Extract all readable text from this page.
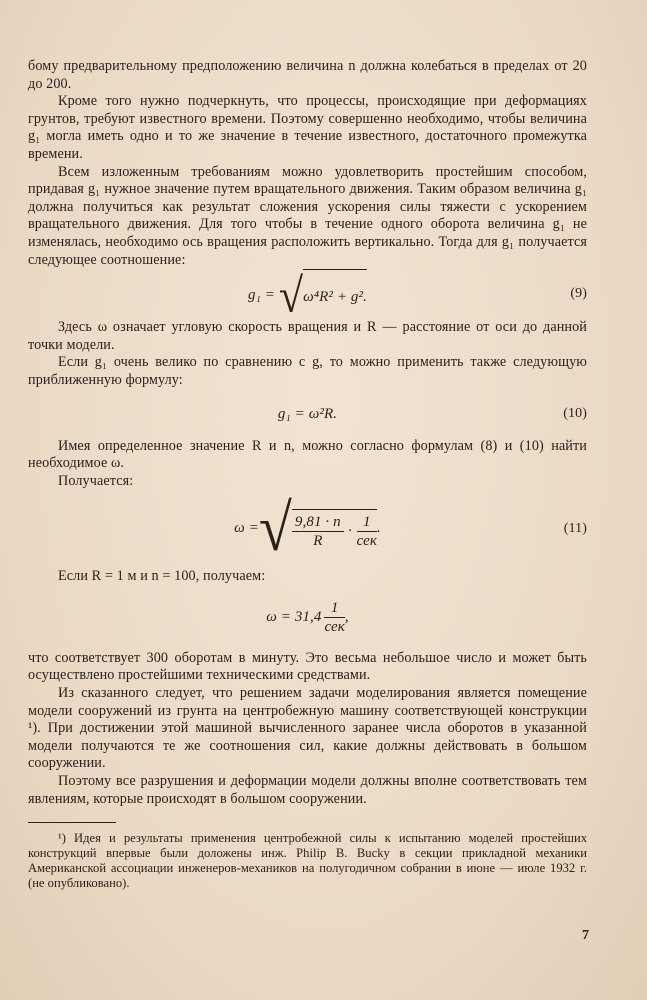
бому предварительному предположению величина n должна колебаться в пределах от 20 до 200.

Кроме того нужно подчеркнуть, что процессы, происходящие при деформациях грунтов, требуют известного времени. Поэтому совершенно необходимо, чтобы величина g₁ могла иметь одно и то же значение в течение известного, достаточного промежутка времени.

Всем изложенным требованиям можно удовлетворить простейшим способом, придавая g₁ нужное значение путем вращательного движения. Таким образом величина g₁ должна получиться как результат сложения ускорения силы тяжести с ускорением вращательного движения. Для того чтобы в течение одного оборота величина g₁ не изменялась, необходимо ось вращения расположить вертикально. Тогда для g₁ получается следующее соотношение:

g₁ = √ω⁴R² + g².	(9)

Здесь ω означает угловую скорость вращения и R — расстояние от оси до данной точки модели.

Если g₁ очень велико по сравнению с g, то можно применить также следующую приближенную формулу:

g₁ = ω²R.	(10)

Имея определенное значение R и n, можно согласно формулам (8) и (10) найти необходимое ω.

Получается:

ω = √ $\frac{9,81 \cdot n}{R} \cdot \frac{1}{\text{сек}}$ .	(11)

Если R = 1 м и n = 100, получаем:

$\omega = 31,4 \frac{1}{\text{сек}}$ ,

что соответствует 300 оборотам в минуту. Это весьма небольшое число и может быть осуществлено простейшими техническими средствами.

Из сказанного следует, что решением задачи моделирования является помещение модели сооружений из грунта на центробежную машину соответствующей конструкции ¹). При достижении этой машиной вычисленного заранее числа оборотов в указанной модели получаются те же соотношения сил, какие должны действовать в большом сооружении.

Поэтому все разрушения и деформации модели должны вполне соответствовать тем явлениям, которые происходят в большом сооружении.

¹) Идея и результаты применения центробежной силы к испытанию моделей простейших конструкций впервые были доложены инж. Philip B. Bucky в секции прикладной механики Американской ассоциации инженеров-механиков на полугодичном собрании в июне — июле 1932 г. (не опубликовано).

7
